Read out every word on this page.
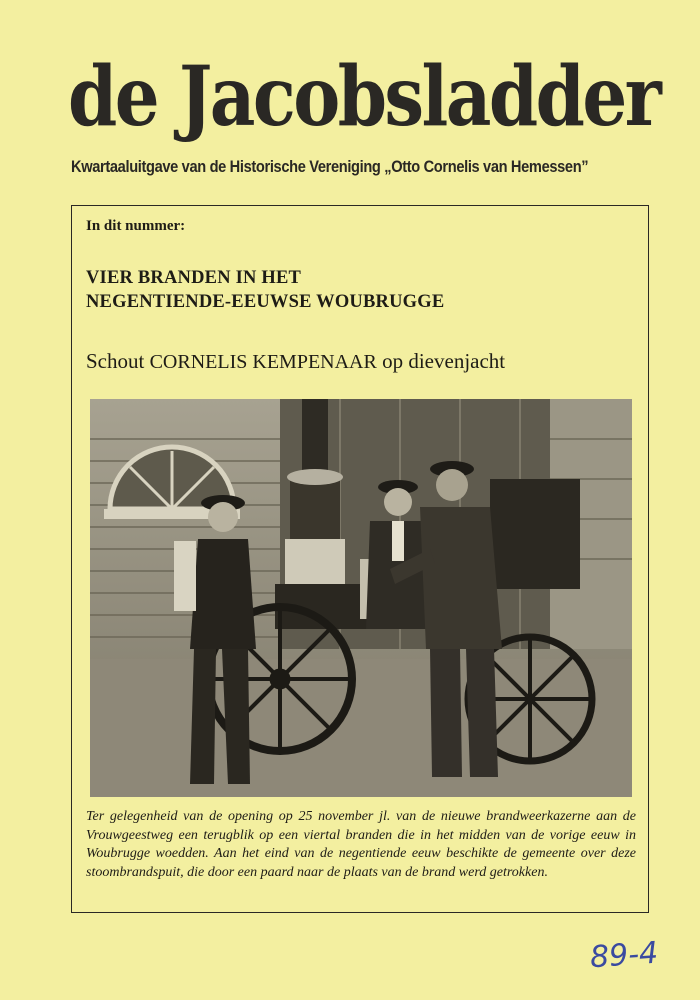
de Jacobsladder
Kwartaaluitgave van de Historische Vereniging „Otto Cornelis van Hemessen”
In dit nummer:
VIER BRANDEN IN HET
NEGENTIENDE-EEUWSE WOUBRUGGE
Schout CORNELIS KEMPENAAR op dievenjacht

Ter gelegenheid van de opening op 25 november jl. van de nieuwe brandweerkazerne aan de Vrouwgeestweg een terugblik op een viertal branden die in het midden van de vorige eeuw in Woubrugge woedden. Aan het eind van de negentiende eeuw beschikte de gemeente over deze stoombrandspuit, die door een paard naar de plaats van de brand werd getrokken.

89-4
